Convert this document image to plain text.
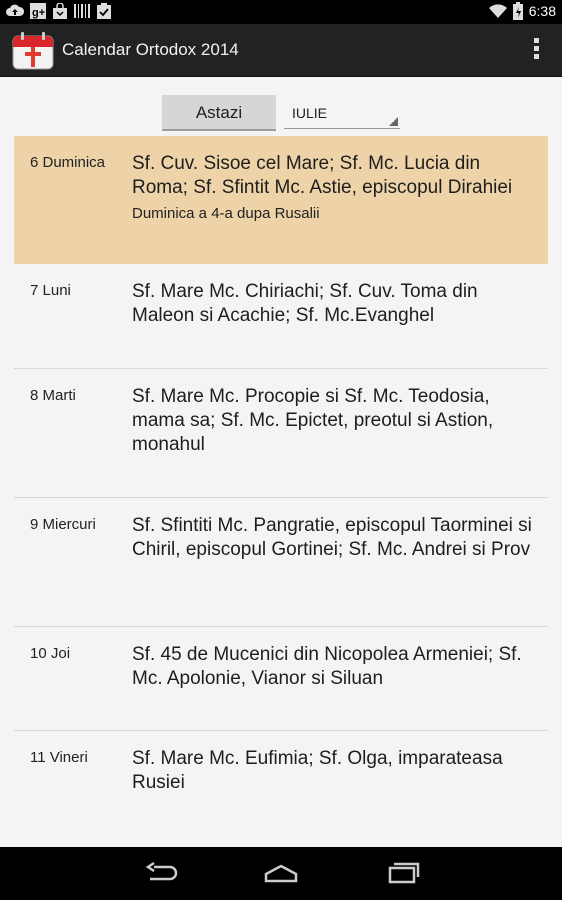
g+	6:38
Calendar Ortodox 2014
Astazi	IULIE
6 Duminica Sf. Cuv. Sisoe cel Mare; Sf. Mc. Lucia din Roma; Sf. Sfintit Mc. Astie, episcopul Dirahiei
Duminica a 4-a dupa Rusalii
7 Luni	Sf. Mare Mc. Chiriachi; Sf. Cuv. Toma din Maleon si Acachie; Sf. Mc.Evanghel
8 Marti	Sf. Mare Mc. Procopie si Sf. Mc. Teodosia, mama sa; Sf. Mc. Epictet, preotul si Astion, monahul
9 Miercuri Sf. Sfintiti Mc. Pangratie, episcopul Taorminei si Chiril, episcopul Gortinei; Sf. Mc. Andrei si Prov
10 Joi	Sf. 45 de Mucenici din Nicopolea Armeniei; Sf. Mc. Apolonie, Vianor si Siluan
11 Vineri Sf. Mare Mc. Eufimia; Sf. Olga, imparateasa Rusiei
